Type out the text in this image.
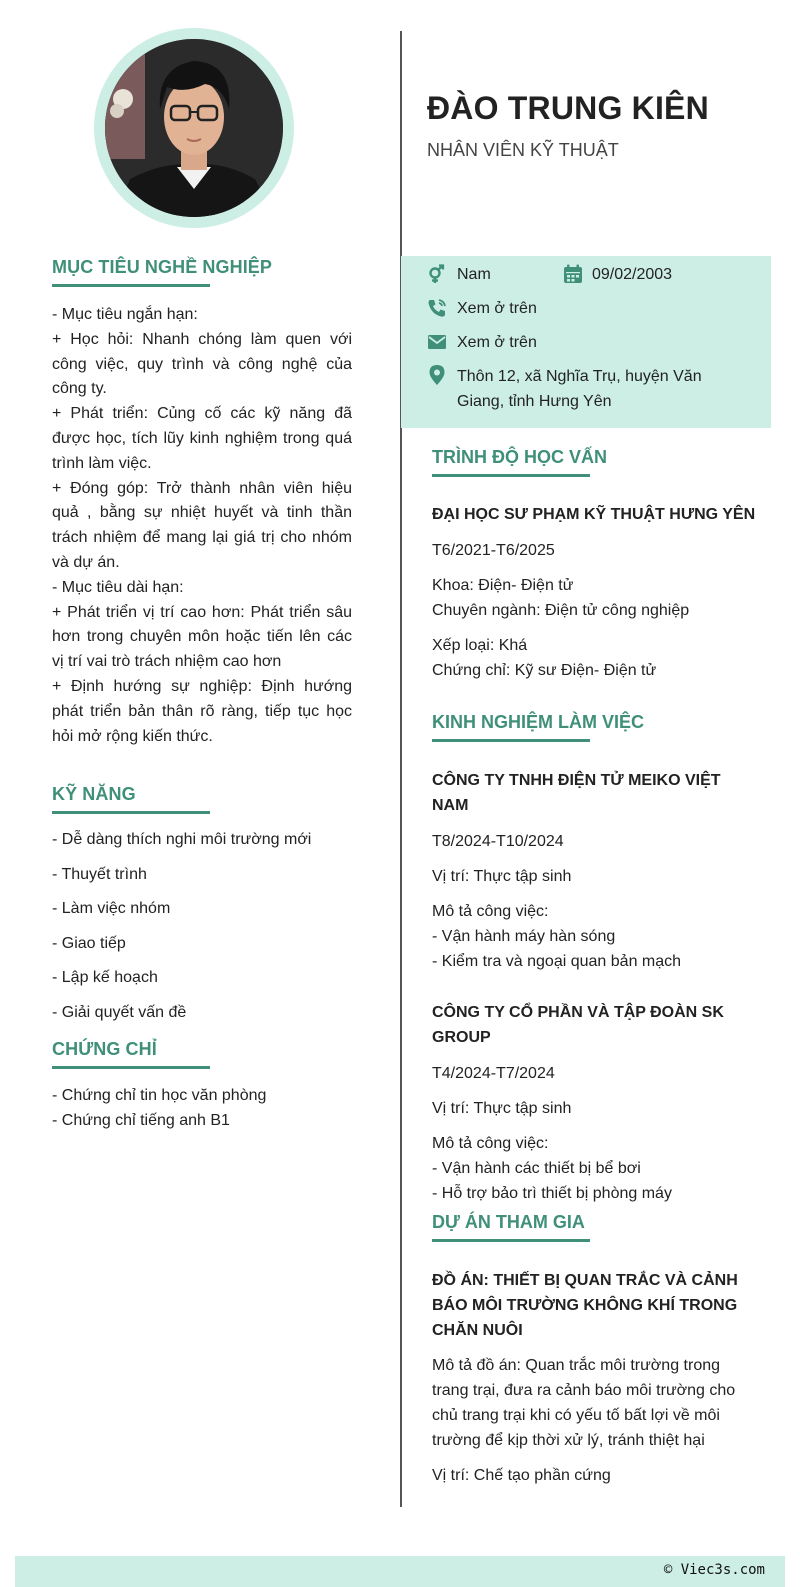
MỤC TIÊU NGHỀ NGHIỆP
- Mục tiêu ngắn hạn:
+ Học hỏi: Nhanh chóng làm quen với công việc, quy trình và công nghệ của công ty.
+ Phát triển: Củng cố các kỹ năng đã được học, tích lũy kinh nghiệm trong quá trình làm việc.
+ Đóng góp: Trở thành nhân viên hiệu quả , bằng sự nhiệt huyết và tinh thần trách nhiệm để mang lại giá trị cho nhóm và dự án.
- Mục tiêu dài hạn:
+ Phát triển vị trí cao hơn: Phát triển sâu hơn trong chuyên môn hoặc tiến lên các vị trí vai trò trách nhiệm cao hơn
+ Định hướng sự nghiệp: Định hướng phát triển bản thân rõ ràng, tiếp tục học hỏi mở rộng kiến thức.
KỸ NĂNG
- Dễ dàng thích nghi môi trường mới
- Thuyết trình
- Làm việc nhóm
- Giao tiếp
- Lập kế hoạch
- Giải quyết vấn đề
CHỨNG CHỈ
- Chứng chỉ tin học văn phòng
- Chứng chỉ tiếng anh B1
ĐÀO TRUNG KIÊN
NHÂN VIÊN KỸ THUẬT
Nam	09/02/2003
Xem ở trên
Xem ở trên
Thôn 12, xã Nghĩa Trụ, huyện Văn
Giang, tỉnh Hưng Yên
TRÌNH ĐỘ HỌC VẤN
ĐẠI HỌC SƯ PHẠM KỸ THUẬT HƯNG YÊN
T6/2021-T6/2025
Khoa: Điện- Điện tử
Chuyên ngành: Điện tử công nghiệp
Xếp loại: Khá
Chứng chỉ: Kỹ sư Điện- Điện tử
KINH NGHIỆM LÀM VIỆC
CÔNG TY TNHH ĐIỆN TỬ MEIKO VIỆT
NAM
T8/2024-T10/2024
Vị trí: Thực tập sinh
Mô tả công việc:
- Vận hành máy hàn sóng
- Kiểm tra và ngoại quan bản mạch
CÔNG TY CỔ PHẦN VÀ TẬP ĐOÀN SK
GROUP
T4/2024-T7/2024
Vị trí: Thực tập sinh
Mô tả công việc:
- Vận hành các thiết bị bể bơi
- Hỗ trợ bảo trì thiết bị phòng máy
DỰ ÁN THAM GIA
ĐỒ ÁN: THIẾT BỊ QUAN TRẮC VÀ CẢNH
BÁO MÔI TRƯỜNG KHÔNG KHÍ TRONG
CHĂN NUÔI
Mô tả đồ án: Quan trắc môi trường trong
trang trại, đưa ra cảnh báo môi trường cho
chủ trang trại khi có yếu tố bất lợi về môi
trường để kịp thời xử lý, tránh thiệt hại
Vị trí: Chế tạo phần cứng
© Viec3s.com
